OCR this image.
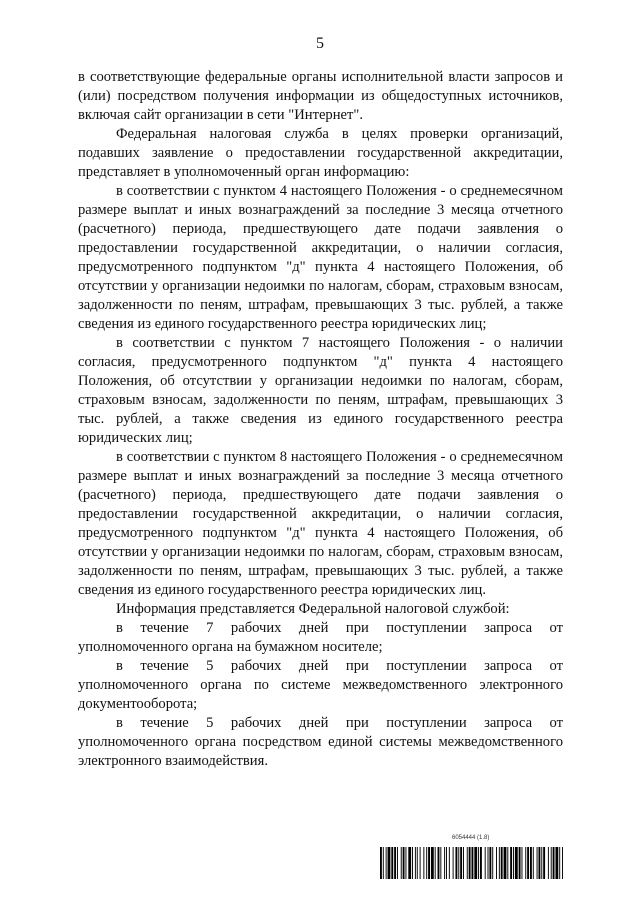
5

в соответствующие федеральные органы исполнительной власти запросов и (или) посредством получения информации из общедоступных источников, включая сайт организации в сети "Интернет".

Федеральная налоговая служба в целях проверки организаций, подавших заявление о предоставлении государственной аккредитации, представляет в уполномоченный орган информацию:

в соответствии с пунктом 4 настоящего Положения - о среднемесячном размере выплат и иных вознаграждений за последние 3 месяца отчетного (расчетного) периода, предшествующего дате подачи заявления о предоставлении государственной аккредитации, о наличии согласия, предусмотренного подпунктом "д" пункта 4 настоящего Положения, об отсутствии у организации недоимки по налогам, сборам, страховым взносам, задолженности по пеням, штрафам, превышающих 3 тыс. рублей, а также сведения из единого государственного реестра юридических лиц;

в соответствии с пунктом 7 настоящего Положения - о наличии согласия, предусмотренного подпунктом "д" пункта 4 настоящего Положения, об отсутствии у организации недоимки по налогам, сборам, страховым взносам, задолженности по пеням, штрафам, превышающих 3 тыс. рублей, а также сведения из единого государственного реестра юридических лиц;

в соответствии с пунктом 8 настоящего Положения - о среднемесячном размере выплат и иных вознаграждений за последние 3 месяца отчетного (расчетного) периода, предшествующего дате подачи заявления о предоставлении государственной аккредитации, о наличии согласия, предусмотренного подпунктом "д" пункта 4 настоящего Положения, об отсутствии у организации недоимки по налогам, сборам, страховым взносам, задолженности по пеням, штрафам, превышающих 3 тыс. рублей, а также сведения из единого государственного реестра юридических лиц.

Информация представляется Федеральной налоговой службой:

в течение 7 рабочих дней при поступлении запроса от уполномоченного органа на бумажном носителе;

в течение 5 рабочих дней при поступлении запроса от уполномоченного органа по системе межведомственного электронного документооборота;

в течение 5 рабочих дней при поступлении запроса от уполномоченного органа посредством единой системы межведомственного электронного взаимодействия.

6054444 (1.8)
